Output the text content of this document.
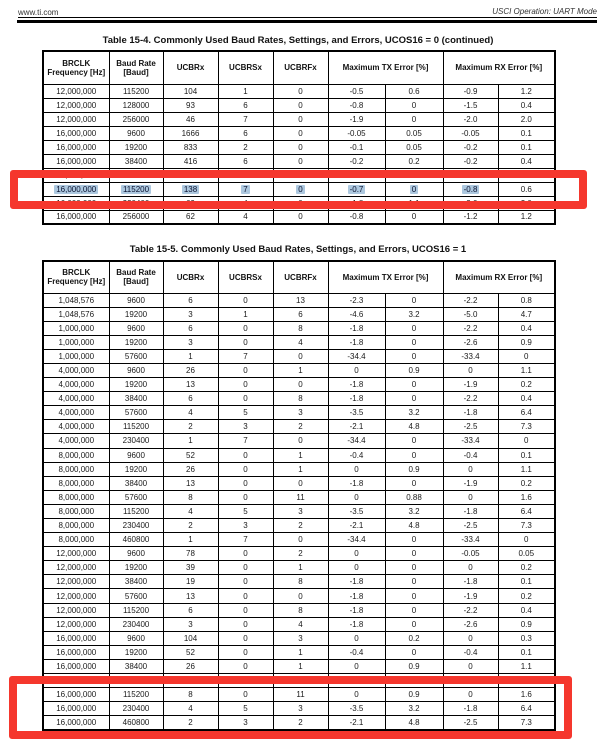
www.ti.com	USCI Operation: UART Mode
Table 15-4. Commonly Used Baud Rates, Settings, and Errors, UCOS16 = 0 (continued)
BRCLK Frequency [Hz]	Baud Rate [Baud]	UCBRx	UCBRSx	UCBRFx	Maximum TX Error [%]		Maximum RX Error [%]	
12,000,000	115200	104	1	0	-0.5	0.6	-0.9	1.2
12,000,000	128000	93	6	0	-0.8	0	-1.5	0.4
12,000,000	256000	46	7	0	-1.9	0	-2.0	2.0
16,000,000	9600	1666	6	0	-0.05	0.05	-0.05	0.1
16,000,000	19200	833	2	0	-0.1	0.05	-0.2	0.1
16,000,000	38400	416	6	0	-0.2	0.2	-0.2	0.4
16,000,000	57600	277	7	0	-0.3	0.3	-0.5	0.4
16,000,000	115200	138	7	0	-0.7	0	-0.8	0.6
16,000,000	230400	69	4	0	-1.8	1.1	-2.0	2.0
16,000,000	256000	62	4	0	-0.8	0	-1.2	1.2
Table 15-5. Commonly Used Baud Rates, Settings, and Errors, UCOS16 = 1
BRCLK Frequency [Hz]	Baud Rate [Baud]	UCBRx	UCBRSx	UCBRFx	Maximum TX Error [%]		Maximum RX Error [%]	
1,048,576	9600	6	0	13	-2.3	0	-2.2	0.8
1,048,576	19200	3	1	6	-4.6	3.2	-5.0	4.7
1,000,000	9600	6	0	8	-1.8	0	-2.2	0.4
1,000,000	19200	3	0	4	-1.8	0	-2.6	0.9
1,000,000	57600	1	7	0	-34.4	0	-33.4	0
4,000,000	9600	26	0	1	0	0.9	0	1.1
4,000,000	19200	13	0	0	-1.8	0	-1.9	0.2
4,000,000	38400	6	0	8	-1.8	0	-2.2	0.4
4,000,000	57600	4	5	3	-3.5	3.2	-1.8	6.4
4,000,000	115200	2	3	2	-2.1	4.8	-2.5	7.3
4,000,000	230400	1	7	0	-34.4	0	-33.4	0
8,000,000	9600	52	0	1	-0.4	0	-0.4	0.1
8,000,000	19200	26	0	1	0	0.9	0	1.1
8,000,000	38400	13	0	0	-1.8	0	-1.9	0.2
8,000,000	57600	8	0	11	0	0.88	0	1.6
8,000,000	115200	4	5	3	-3.5	3.2	-1.8	6.4
8,000,000	230400	2	3	2	-2.1	4.8	-2.5	7.3
8,000,000	460800	1	7	0	-34.4	0	-33.4	0
12,000,000	9600	78	0	2	0	0	-0.05	0.05
12,000,000	19200	39	0	1	0	0	0	0.2
12,000,000	38400	19	0	8	-1.8	0	-1.8	0.1
12,000,000	57600	13	0	0	-1.8	0	-1.9	0.2
12,000,000	115200	6	0	8	-1.8	0	-2.2	0.4
12,000,000	230400	3	0	4	-1.8	0	-2.6	0.9
16,000,000	9600	104	0	3	0	0.2	0	0.3
16,000,000	19200	52	0	1	-0.4	0	-0.4	0.1
16,000,000	38400	26	0	1	0	0.9	0	1.1
16,000,000	57600	17	0	6	0	0.9	-0.1	1.0
16,000,000	115200	8	0	11	0	0.9	0	1.6
16,000,000	230400	4	5	3	-3.5	3.2	-1.8	6.4
16,000,000	460800	2	3	2	-2.1	4.8	-2.5	7.3
